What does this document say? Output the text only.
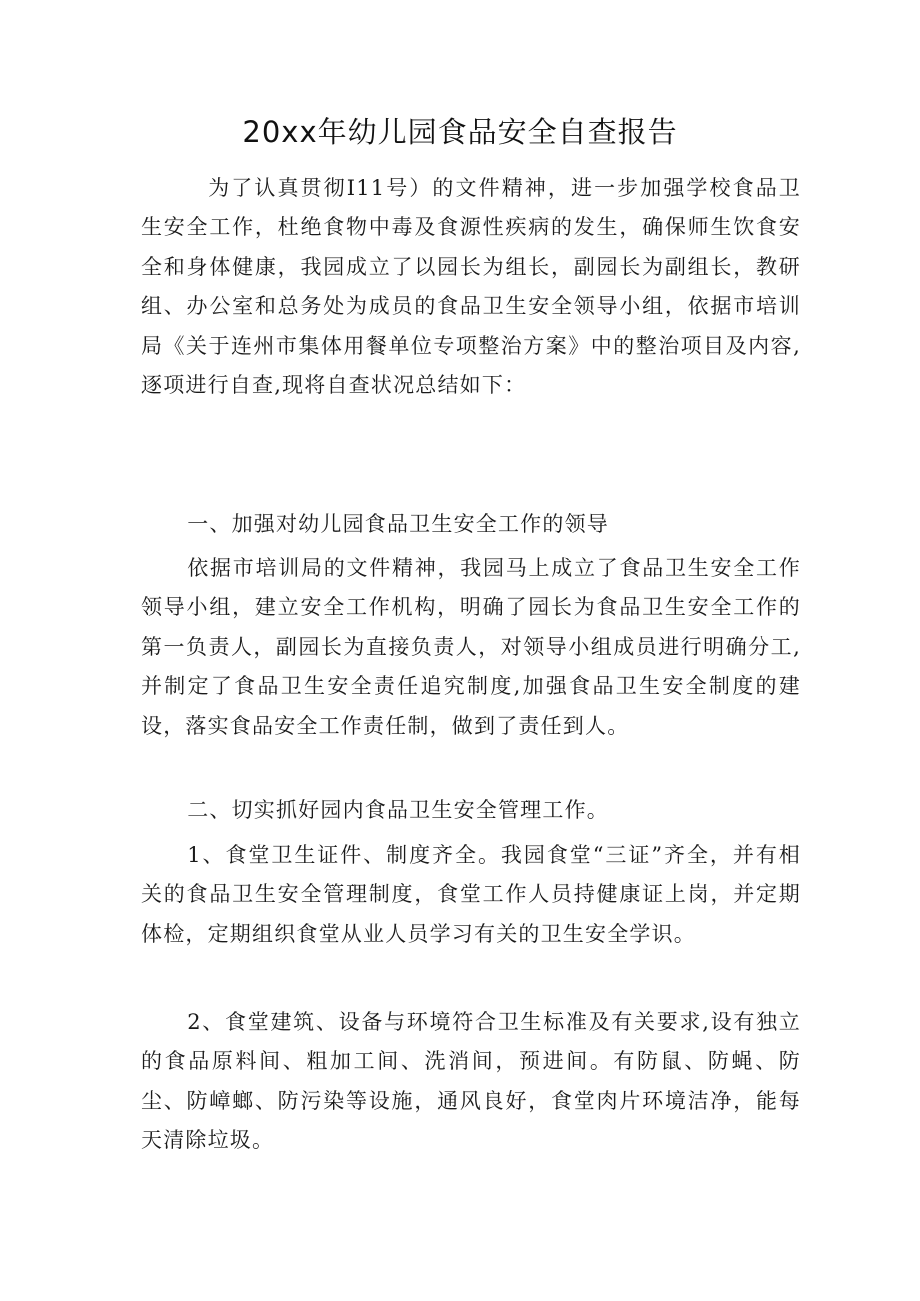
20xx年幼儿园食品安全自查报告

为了认真贯彻I11号）的文件精神，进一步加强学校食品卫生安全工作，杜绝食物中毒及食源性疾病的发生，确保师生饮食安全和身体健康，我园成立了以园长为组长，副园长为副组长，教研组、办公室和总务处为成员的食品卫生安全领导小组，依据市培训局《关于连州市集体用餐单位专项整治方案》中的整治项目及内容,逐项进行自查,现将自查状况总结如下：

一、加强对幼儿园食品卫生安全工作的领导

依据市培训局的文件精神，我园马上成立了食品卫生安全工作领导小组，建立安全工作机构，明确了园长为食品卫生安全工作的第一负责人，副园长为直接负责人，对领导小组成员进行明确分工,并制定了食品卫生安全责任追究制度,加强食品卫生安全制度的建设，落实食品安全工作责任制，做到了责任到人。

二、切实抓好园内食品卫生安全管理工作。

1、食堂卫生证件、制度齐全。我园食堂“三证”齐全，并有相关的食品卫生安全管理制度，食堂工作人员持健康证上岗，并定期体检，定期组织食堂从业人员学习有关的卫生安全学识。

2、食堂建筑、设备与环境符合卫生标准及有关要求,设有独立的食品原料间、粗加工间、洗消间，预进间。有防鼠、防蝇、防尘、防嶂螂、防污染等设施，通风良好，食堂肉片环境洁净，能每天清除垃圾。
